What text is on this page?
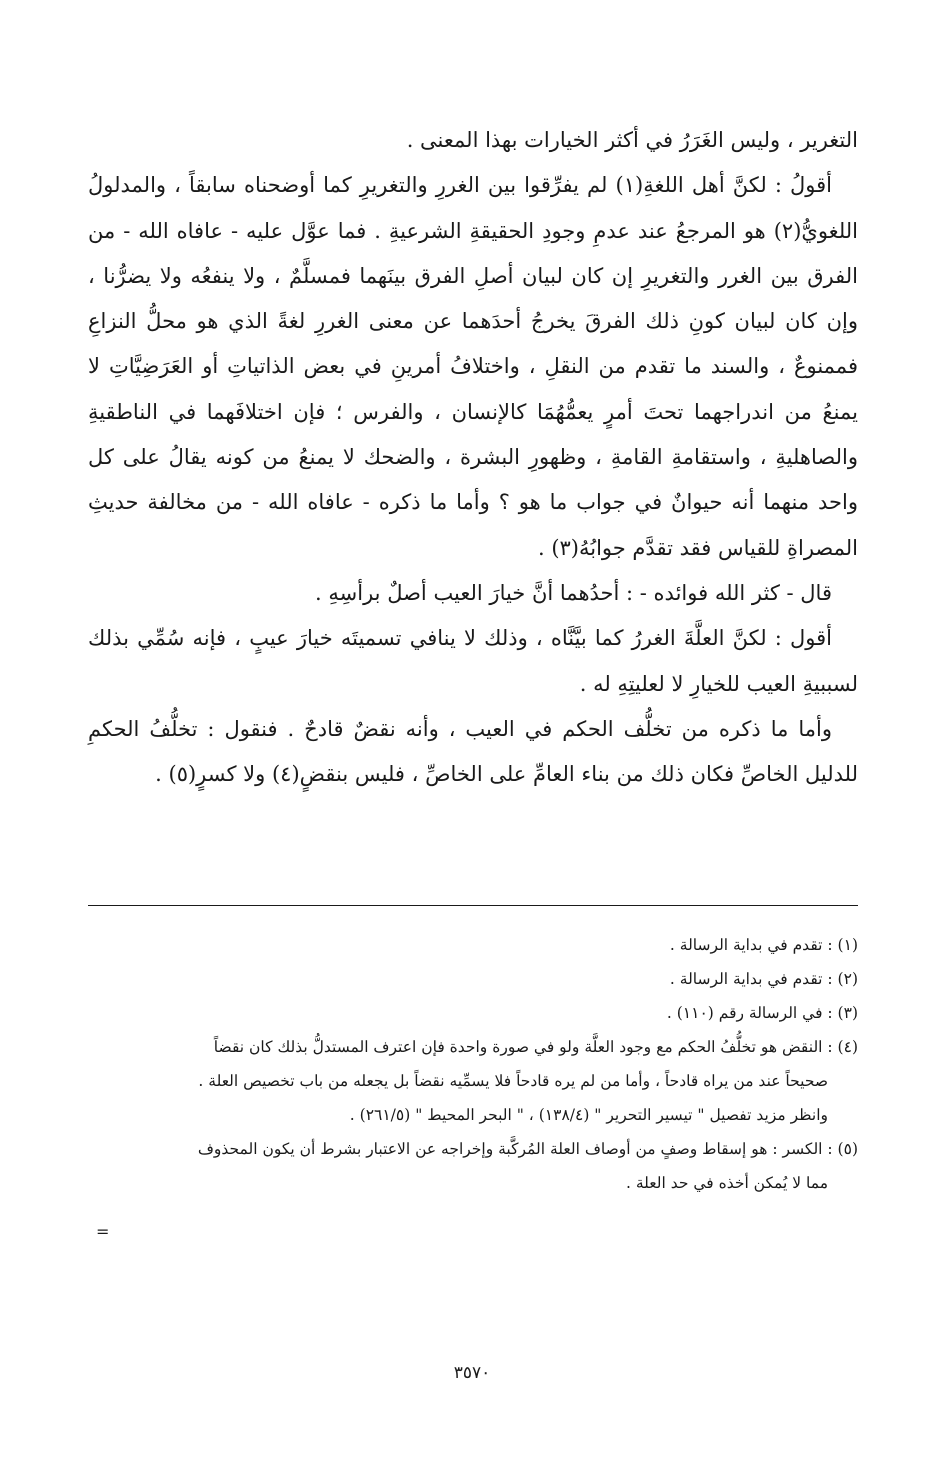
التغرير ، وليس الغَرَرُ في أكثر الخيارات بهذا المعنى .

أقولُ : لكنَّ أهل اللغةِ(١) لم يفرِّقوا بين الغررِ والتغريرِ كما أوضحناه سابقاً ، والمدلولُ اللغويُّ(٢) هو المرجعُ عند عدمِ وجودِ الحقيقةِ الشرعيةِ . فما عوَّل عليه - عافاه الله - من الفرق بين الغرر والتغريرِ إن كان لبيان أصلِ الفرق بينَهما فمسلَّمٌ ، ولا ينفعُه ولا يضرُّنا ، وإن كان لبيان كونِ ذلك الفرقَ يخرجُ أحدَهما عن معنى الغررِ لغةً الذي هو محلُّ النزاعِ فممنوعٌ ، والسند ما تقدم من النقلِ ، واختلافُ أمرينِ في بعض الذاتياتِ أو العَرَضِيَّاتِ لا يمنعُ من اندراجهما تحتَ أمرٍ يعمُّهُمَا كالإنسان ، والفرس ؛ فإن اختلافَهما في الناطقيةِ والصاهليةِ ، واستقامةِ القامةِ ، وظهورِ البشرة ، والضحك لا يمنعُ من كونه يقالُ على كل واحد منهما أنه حيوانٌ في جواب ما هو ؟ وأما ما ذكره - عافاه الله - من مخالفة حديثِ المصراةِ للقياس فقد تقدَّم جوابُهُ(٣) .

قال - كثر الله فوائده - : أحدُهما أنَّ خيارَ العيب أصلٌ برأسِهِ .

أقول : لكنَّ العلَّةَ الغررُ كما بيَّنَّاه ، وذلك لا ينافي تسميتَه خيارَ عيبٍ ، فإنه سُمِّي بذلك لسببيةِ العيب للخيارِ لا لعليتِهِ له .

وأما ما ذكره من تخلُّف الحكم في العيب ، وأنه نقضٌ قادحٌ . فنقول : تخلُّفُ الحكمِ للدليل الخاصِّ فكان ذلك من بناء العامِّ على الخاصِّ ، فليس بنقضٍ(٤) ولا كسرٍ(٥) .

(١) : تقدم في بداية الرسالة .

(٢) : تقدم في بداية الرسالة .

(٣) : في الرسالة رقم (١١٠) .

(٤) : النقض هو تخلُّفُ الحكم مع وجود العلَّة ولو في صورة واحدة فإن اعترف المستدلُّ بذلك كان نقضاً

صحيحاً عند من يراه قادحاً ، وأما من لم يره قادحاً فلا يسمِّيه نقضاً بل يجعله من باب تخصيص العلة .

وانظر مزيد تفصيل " تيسير التحرير " (١٣٨/٤) ، " البحر المحيط " (٢٦١/٥) .

(٥) : الكسر : هو إسقاط وصفٍ من أوصاف العلة المُركَّبة وإخراجه عن الاعتبار بشرط أن يكون المحذوف

مما لا يُمكن أخذه في حد العلة .

=
٣٥٧٠
